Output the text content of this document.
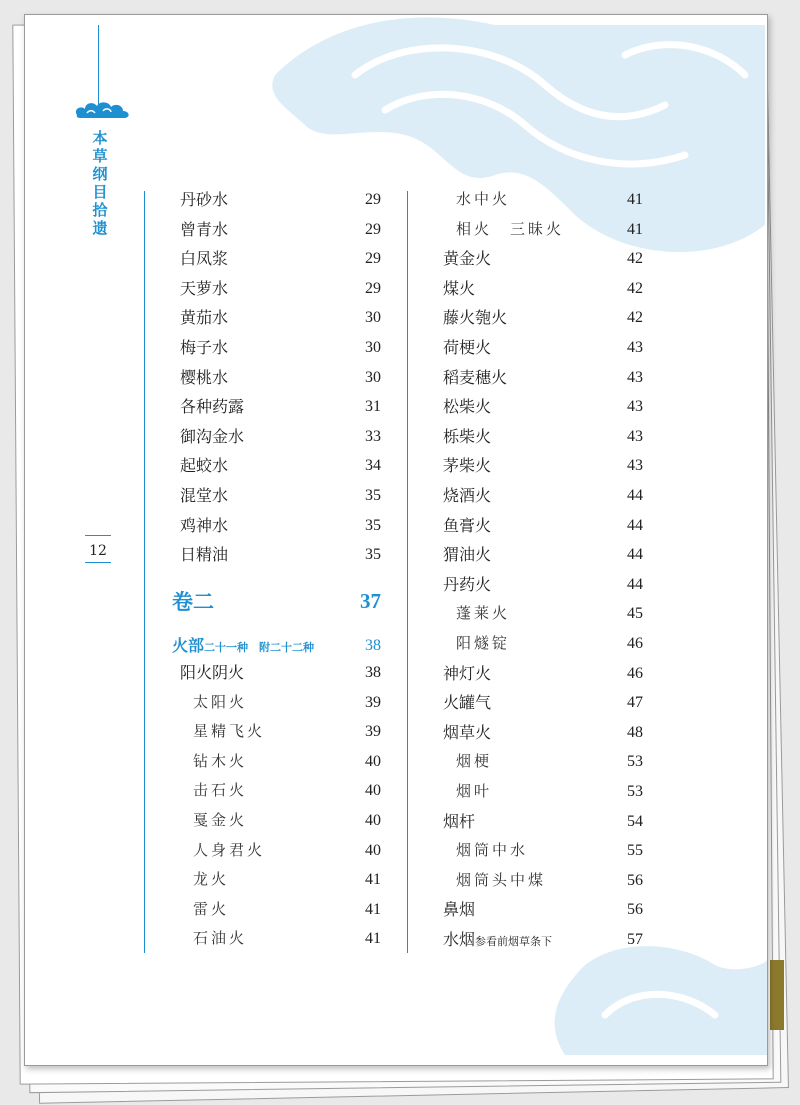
本草纲目拾遗
12
丹砂水	29
曾青水	29
白凤浆	29
天萝水	29
黄茄水	30
梅子水	30
樱桃水	30
各种药露	31
御沟金水	33
起蛟水	34
混堂水	35
鸡神水	35
日精油	35
卷二	37
火部二十一种　附二十二种	38
阳火阴火	38
太阳火	39
星精飞火	39
钻木火	40
击石火	40
戛金火	40
人身君火	40
龙火	41
雷火	41
石油火	41
水中火	41
相火　三昧火	41
黄金火	42
煤火	42
藤火匏火	42
荷梗火	43
稻麦穗火	43
松柴火	43
栎柴火	43
茅柴火	43
烧酒火	44
鱼膏火	44
猬油火	44
丹药火	44
蓬莱火	45
阳燧锭	46
神灯火	46
火罐气	47
烟草火	48
烟梗	53
烟叶	53
烟杆	54
烟筒中水	55
烟筒头中煤	56
鼻烟	56
水烟参看前烟草条下	57
